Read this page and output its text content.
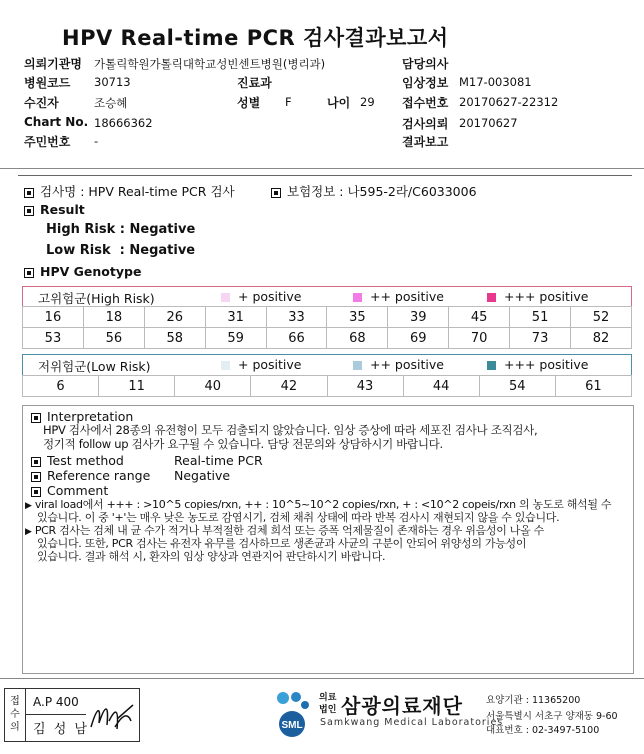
HPV Real-time PCR 검사결과보고서
의뢰기관명 가톨릭학원가톨릭대학교성빈센트병원(병리과)	담당의사
병원코드 30713	진료과	임상정보 M17-003081
수진자	조승혜	성별 F	나이 29 접수번호 20170627-22312
Chart No. 18666362	검사의뢰 20170627
주민번호 -	결과보고
검사명 : HPV Real-time PCR 검사	보험정보 : 나595-2라/C6033006
Result
High Risk : Negative
Low Risk  : Negative
HPV Genotype
고위험군(High Risk)	+ positive	++ positive	+++ positive
16	18	26	31	33	35	39	45	51	52
53	56	58	59	66	68	69	70	73	82
저위험군(Low Risk)	+ positive	++ positive	+++ positive
6	11	40	42	43	44	54	61
Interpretation
HPV 검사에서 28종의 유전형이 모두 검출되지 않았습니다. 임상 증상에 따라 세포진 검사나 조직검사,
정기적 follow up 검사가 요구될 수 있습니다. 담당 전문의와 상담하시기 바랍니다.
Test method	Real-time PCR
Reference range Negative
Comment
▶ viral load에서 +++ : >10^5 copies/rxn, ++ : 10^5~10^2 copies/rxn, + : <10^2 copeis/rxn 의 농도로 해석될 수
있습니다. 이 중 '+'는 매우 낮은 농도로 감염시기, 검체 채취 상태에 따라 반복 검사시 재현되지 않을 수 있습니다.
▶ PCR 검사는 검체 내 균 수가 적거나 부적절한 검체 희석 또는 증폭 억제물질이 존재하는 경우 위음성이 나올 수
있습니다. 또한, PCR 검사는 유전자 유무를 검사하므로 생존균과 사균의 구분이 안되어 위양성의 가능성이
있습니다. 결과 해석 시, 환자의 임상 양상과 연관지어 판단하시기 바랍니다.
접수의
A.P 400
김 성 남	SML
의료법인 삼광의료재단
Samkwang Medical Laboratories
요양기관 : 11365200
서울특별시 서초구 양재동 9-60
대표번호 : 02-3497-5100
